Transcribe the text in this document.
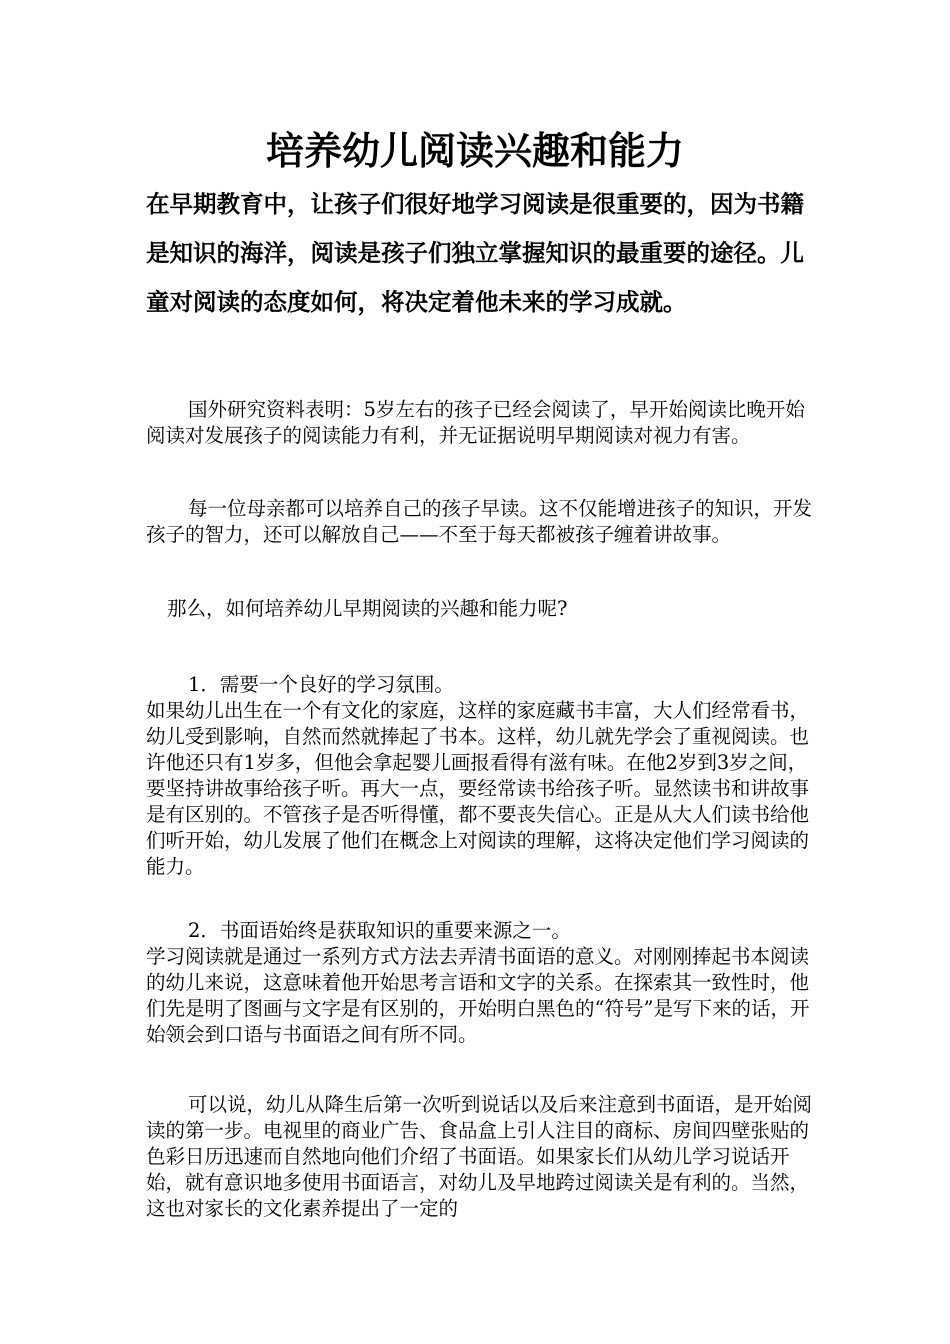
培养幼儿阅读兴趣和能力

在早期教育中，让孩子们很好地学习阅读是很重要的，因为书籍是知识的海洋，阅读是孩子们独立掌握知识的最重要的途径。儿童对阅读的态度如何，将决定着他未来的学习成就。

国外研究资料表明：5岁左右的孩子已经会阅读了，早开始阅读比晚开始阅读对发展孩子的阅读能力有利，并无证据说明早期阅读对视力有害。

每一位母亲都可以培养自己的孩子早读。这不仅能增进孩子的知识，开发孩子的智力，还可以解放自己——不至于每天都被孩子缠着讲故事。

那么，如何培养幼儿早期阅读的兴趣和能力呢?

1．需要一个良好的学习氛围。
如果幼儿出生在一个有文化的家庭，这样的家庭藏书丰富，大人们经常看书，幼儿受到影响，自然而然就捧起了书本。这样，幼儿就先学会了重视阅读。也许他还只有1岁多，但他会拿起婴儿画报看得有滋有味。在他2岁到3岁之间，要坚持讲故事给孩子听。再大一点，要经常读书给孩子听。显然读书和讲故事是有区别的。不管孩子是否听得懂，都不要丧失信心。正是从大人们读书给他们听开始，幼儿发展了他们在概念上对阅读的理解，这将决定他们学习阅读的能力。
2．书面语始终是获取知识的重要来源之一。
学习阅读就是通过一系列方式方法去弄清书面语的意义。对刚刚捧起书本阅读的幼儿来说，这意味着他开始思考言语和文字的关系。在探索其一致性时，他们先是明了图画与文字是有区别的，开始明白黑色的“符号”是写下来的话，开始领会到口语与书面语之间有所不同。

可以说，幼儿从降生后第一次听到说话以及后来注意到书面语，是开始阅读的第一步。电视里的商业广告、食品盒上引人注目的商标、房间四壁张贴的色彩日历迅速而自然地向他们介绍了书面语。如果家长们从幼儿学习说话开始，就有意识地多使用书面语言，对幼儿及早地跨过阅读关是有利的。当然，这也对家长的文化素养提出了一定的
